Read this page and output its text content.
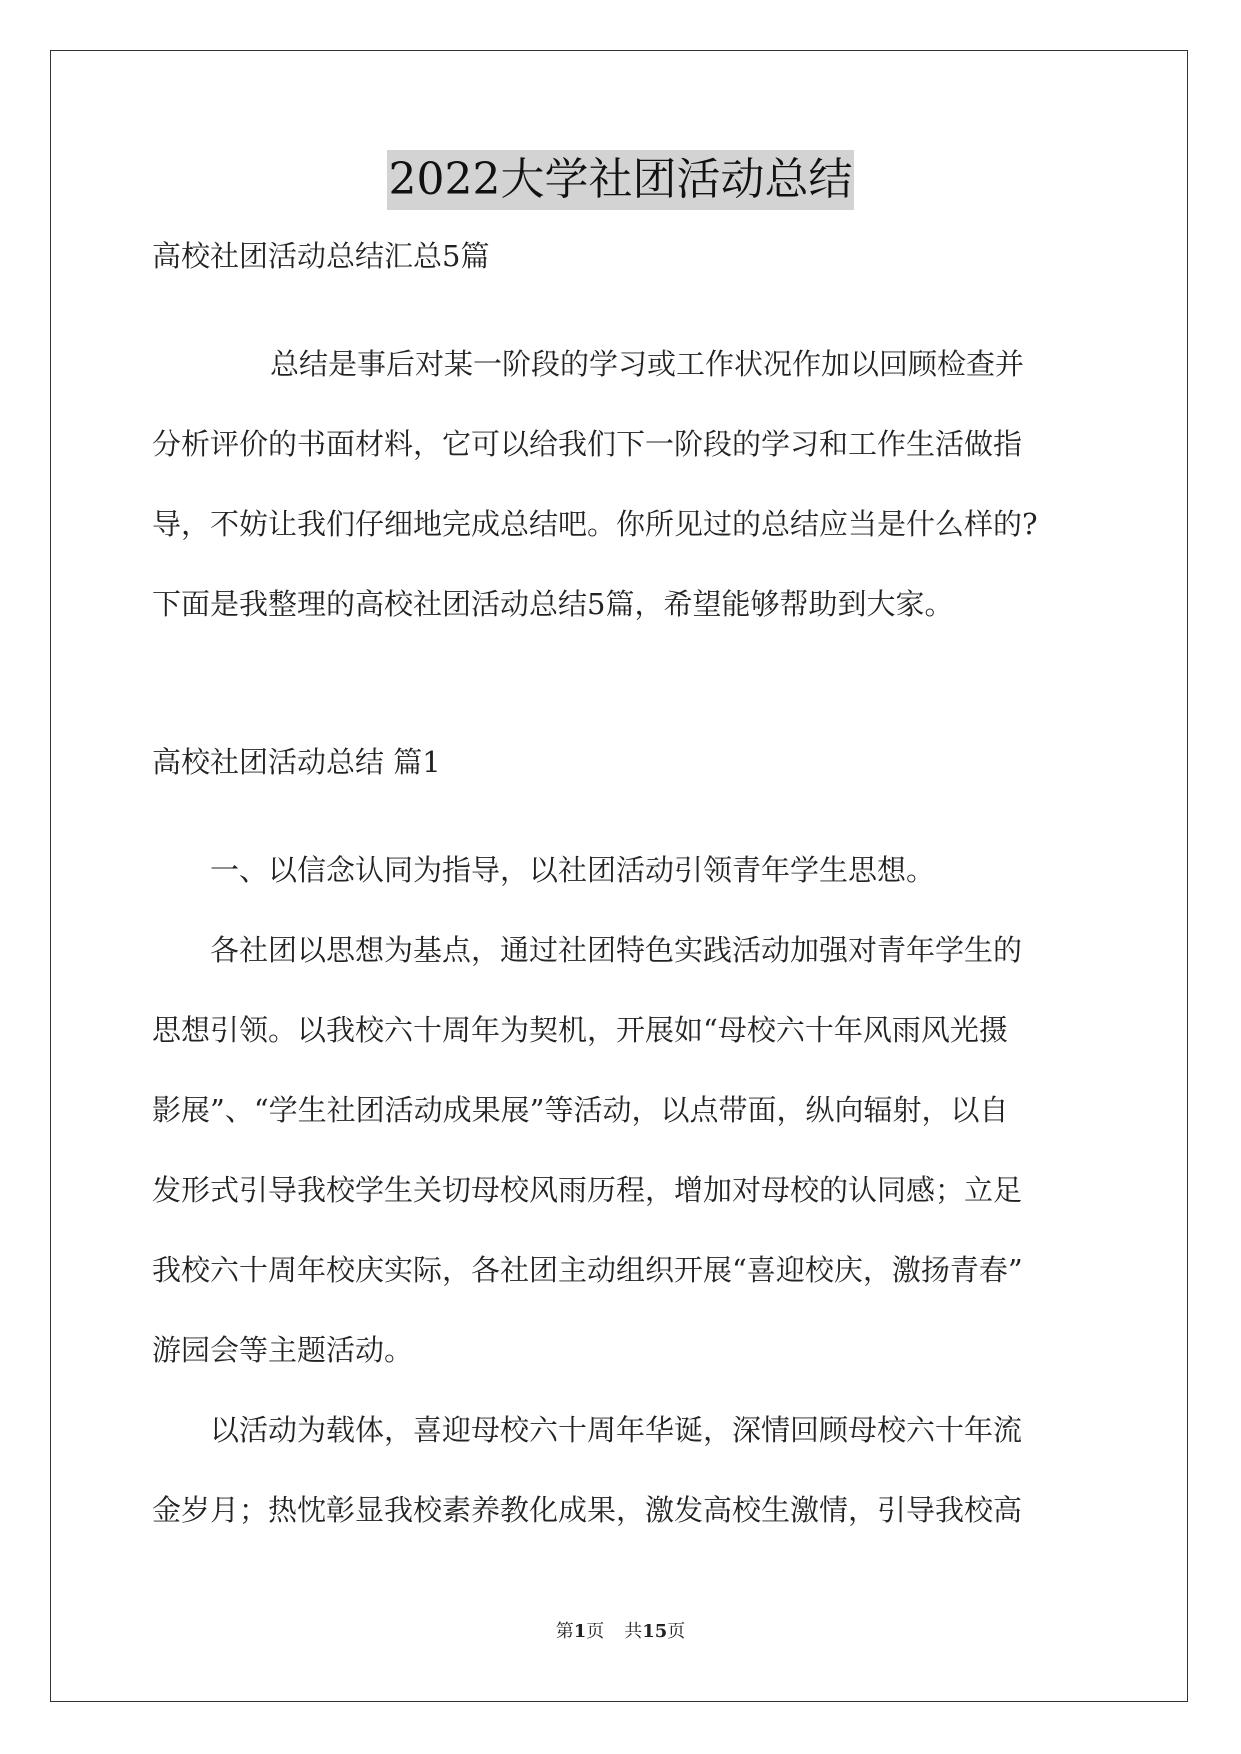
2022大学社团活动总结
高校社团活动总结汇总5篇
总结是事后对某一阶段的学习或工作状况作加以回顾检查并
分析评价的书面材料，它可以给我们下一阶段的学习和工作生活做指
导，不妨让我们仔细地完成总结吧。你所见过的总结应当是什么样的?
下面是我整理的高校社团活动总结5篇，希望能够帮助到大家。
高校社团活动总结 篇1
一、以信念认同为指导，以社团活动引领青年学生思想。
各社团以思想为基点，通过社团特色实践活动加强对青年学生的
思想引领。以我校六十周年为契机，开展如“母校六十年风雨风光摄
影展”、“学生社团活动成果展”等活动，以点带面，纵向辐射，以自
发形式引导我校学生关切母校风雨历程，增加对母校的认同感；立足
我校六十周年校庆实际，各社团主动组织开展“喜迎校庆，激扬青春”
游园会等主题活动。
以活动为载体，喜迎母校六十周年华诞，深情回顾母校六十年流
金岁月；热忱彰显我校素养教化成果，激发高校生激情，引导我校高
第1页 共15页
